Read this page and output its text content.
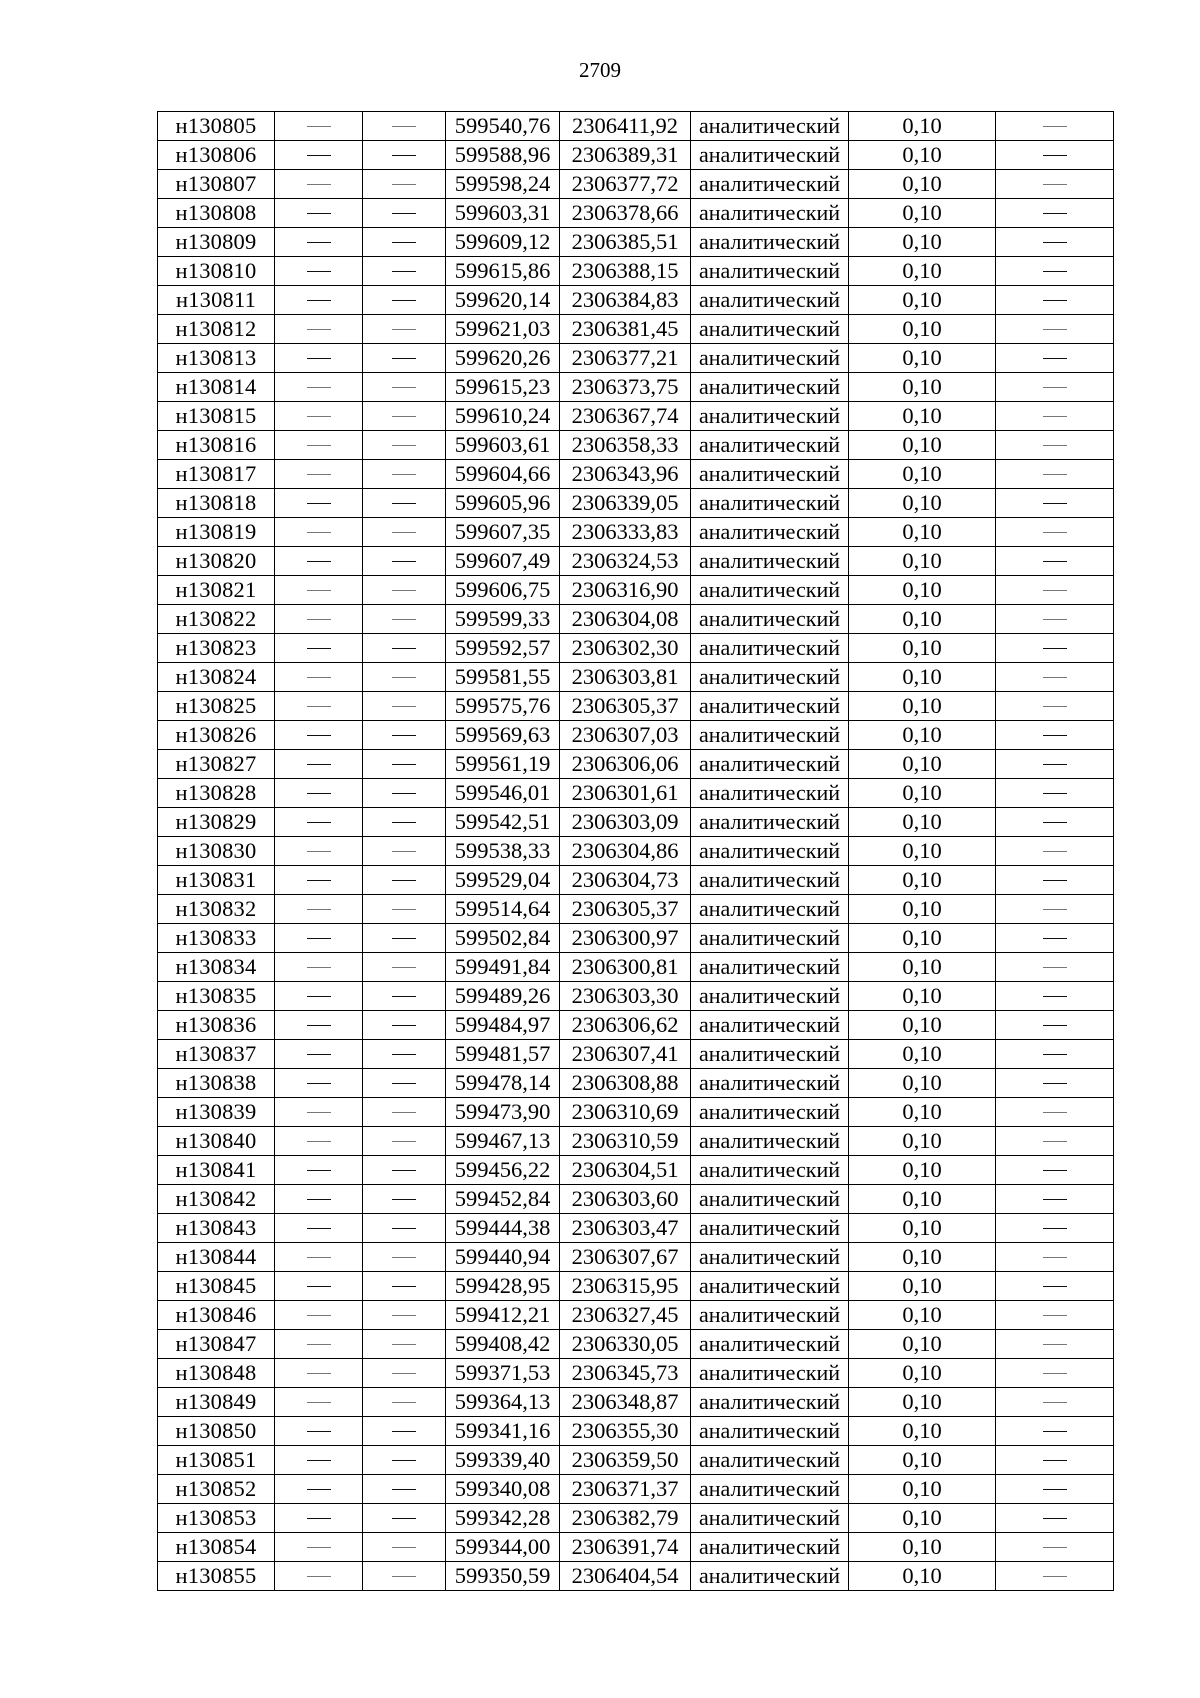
2709
н130805			599540,76	2306411,92	аналитический	0,10	
н130806			599588,96	2306389,31	аналитический	0,10	
н130807			599598,24	2306377,72	аналитический	0,10	
н130808			599603,31	2306378,66	аналитический	0,10	
н130809			599609,12	2306385,51	аналитический	0,10	
н130810			599615,86	2306388,15	аналитический	0,10	
н130811			599620,14	2306384,83	аналитический	0,10	
н130812			599621,03	2306381,45	аналитический	0,10	
н130813			599620,26	2306377,21	аналитический	0,10	
н130814			599615,23	2306373,75	аналитический	0,10	
н130815			599610,24	2306367,74	аналитический	0,10	
н130816			599603,61	2306358,33	аналитический	0,10	
н130817			599604,66	2306343,96	аналитический	0,10	
н130818			599605,96	2306339,05	аналитический	0,10	
н130819			599607,35	2306333,83	аналитический	0,10	
н130820			599607,49	2306324,53	аналитический	0,10	
н130821			599606,75	2306316,90	аналитический	0,10	
н130822			599599,33	2306304,08	аналитический	0,10	
н130823			599592,57	2306302,30	аналитический	0,10	
н130824			599581,55	2306303,81	аналитический	0,10	
н130825			599575,76	2306305,37	аналитический	0,10	
н130826			599569,63	2306307,03	аналитический	0,10	
н130827			599561,19	2306306,06	аналитический	0,10	
н130828			599546,01	2306301,61	аналитический	0,10	
н130829			599542,51	2306303,09	аналитический	0,10	
н130830			599538,33	2306304,86	аналитический	0,10	
н130831			599529,04	2306304,73	аналитический	0,10	
н130832			599514,64	2306305,37	аналитический	0,10	
н130833			599502,84	2306300,97	аналитический	0,10	
н130834			599491,84	2306300,81	аналитический	0,10	
н130835			599489,26	2306303,30	аналитический	0,10	
н130836			599484,97	2306306,62	аналитический	0,10	
н130837			599481,57	2306307,41	аналитический	0,10	
н130838			599478,14	2306308,88	аналитический	0,10	
н130839			599473,90	2306310,69	аналитический	0,10	
н130840			599467,13	2306310,59	аналитический	0,10	
н130841			599456,22	2306304,51	аналитический	0,10	
н130842			599452,84	2306303,60	аналитический	0,10	
н130843			599444,38	2306303,47	аналитический	0,10	
н130844			599440,94	2306307,67	аналитический	0,10	
н130845			599428,95	2306315,95	аналитический	0,10	
н130846			599412,21	2306327,45	аналитический	0,10	
н130847			599408,42	2306330,05	аналитический	0,10	
н130848			599371,53	2306345,73	аналитический	0,10	
н130849			599364,13	2306348,87	аналитический	0,10	
н130850			599341,16	2306355,30	аналитический	0,10	
н130851			599339,40	2306359,50	аналитический	0,10	
н130852			599340,08	2306371,37	аналитический	0,10	
н130853			599342,28	2306382,79	аналитический	0,10	
н130854			599344,00	2306391,74	аналитический	0,10	
н130855			599350,59	2306404,54	аналитический	0,10	
